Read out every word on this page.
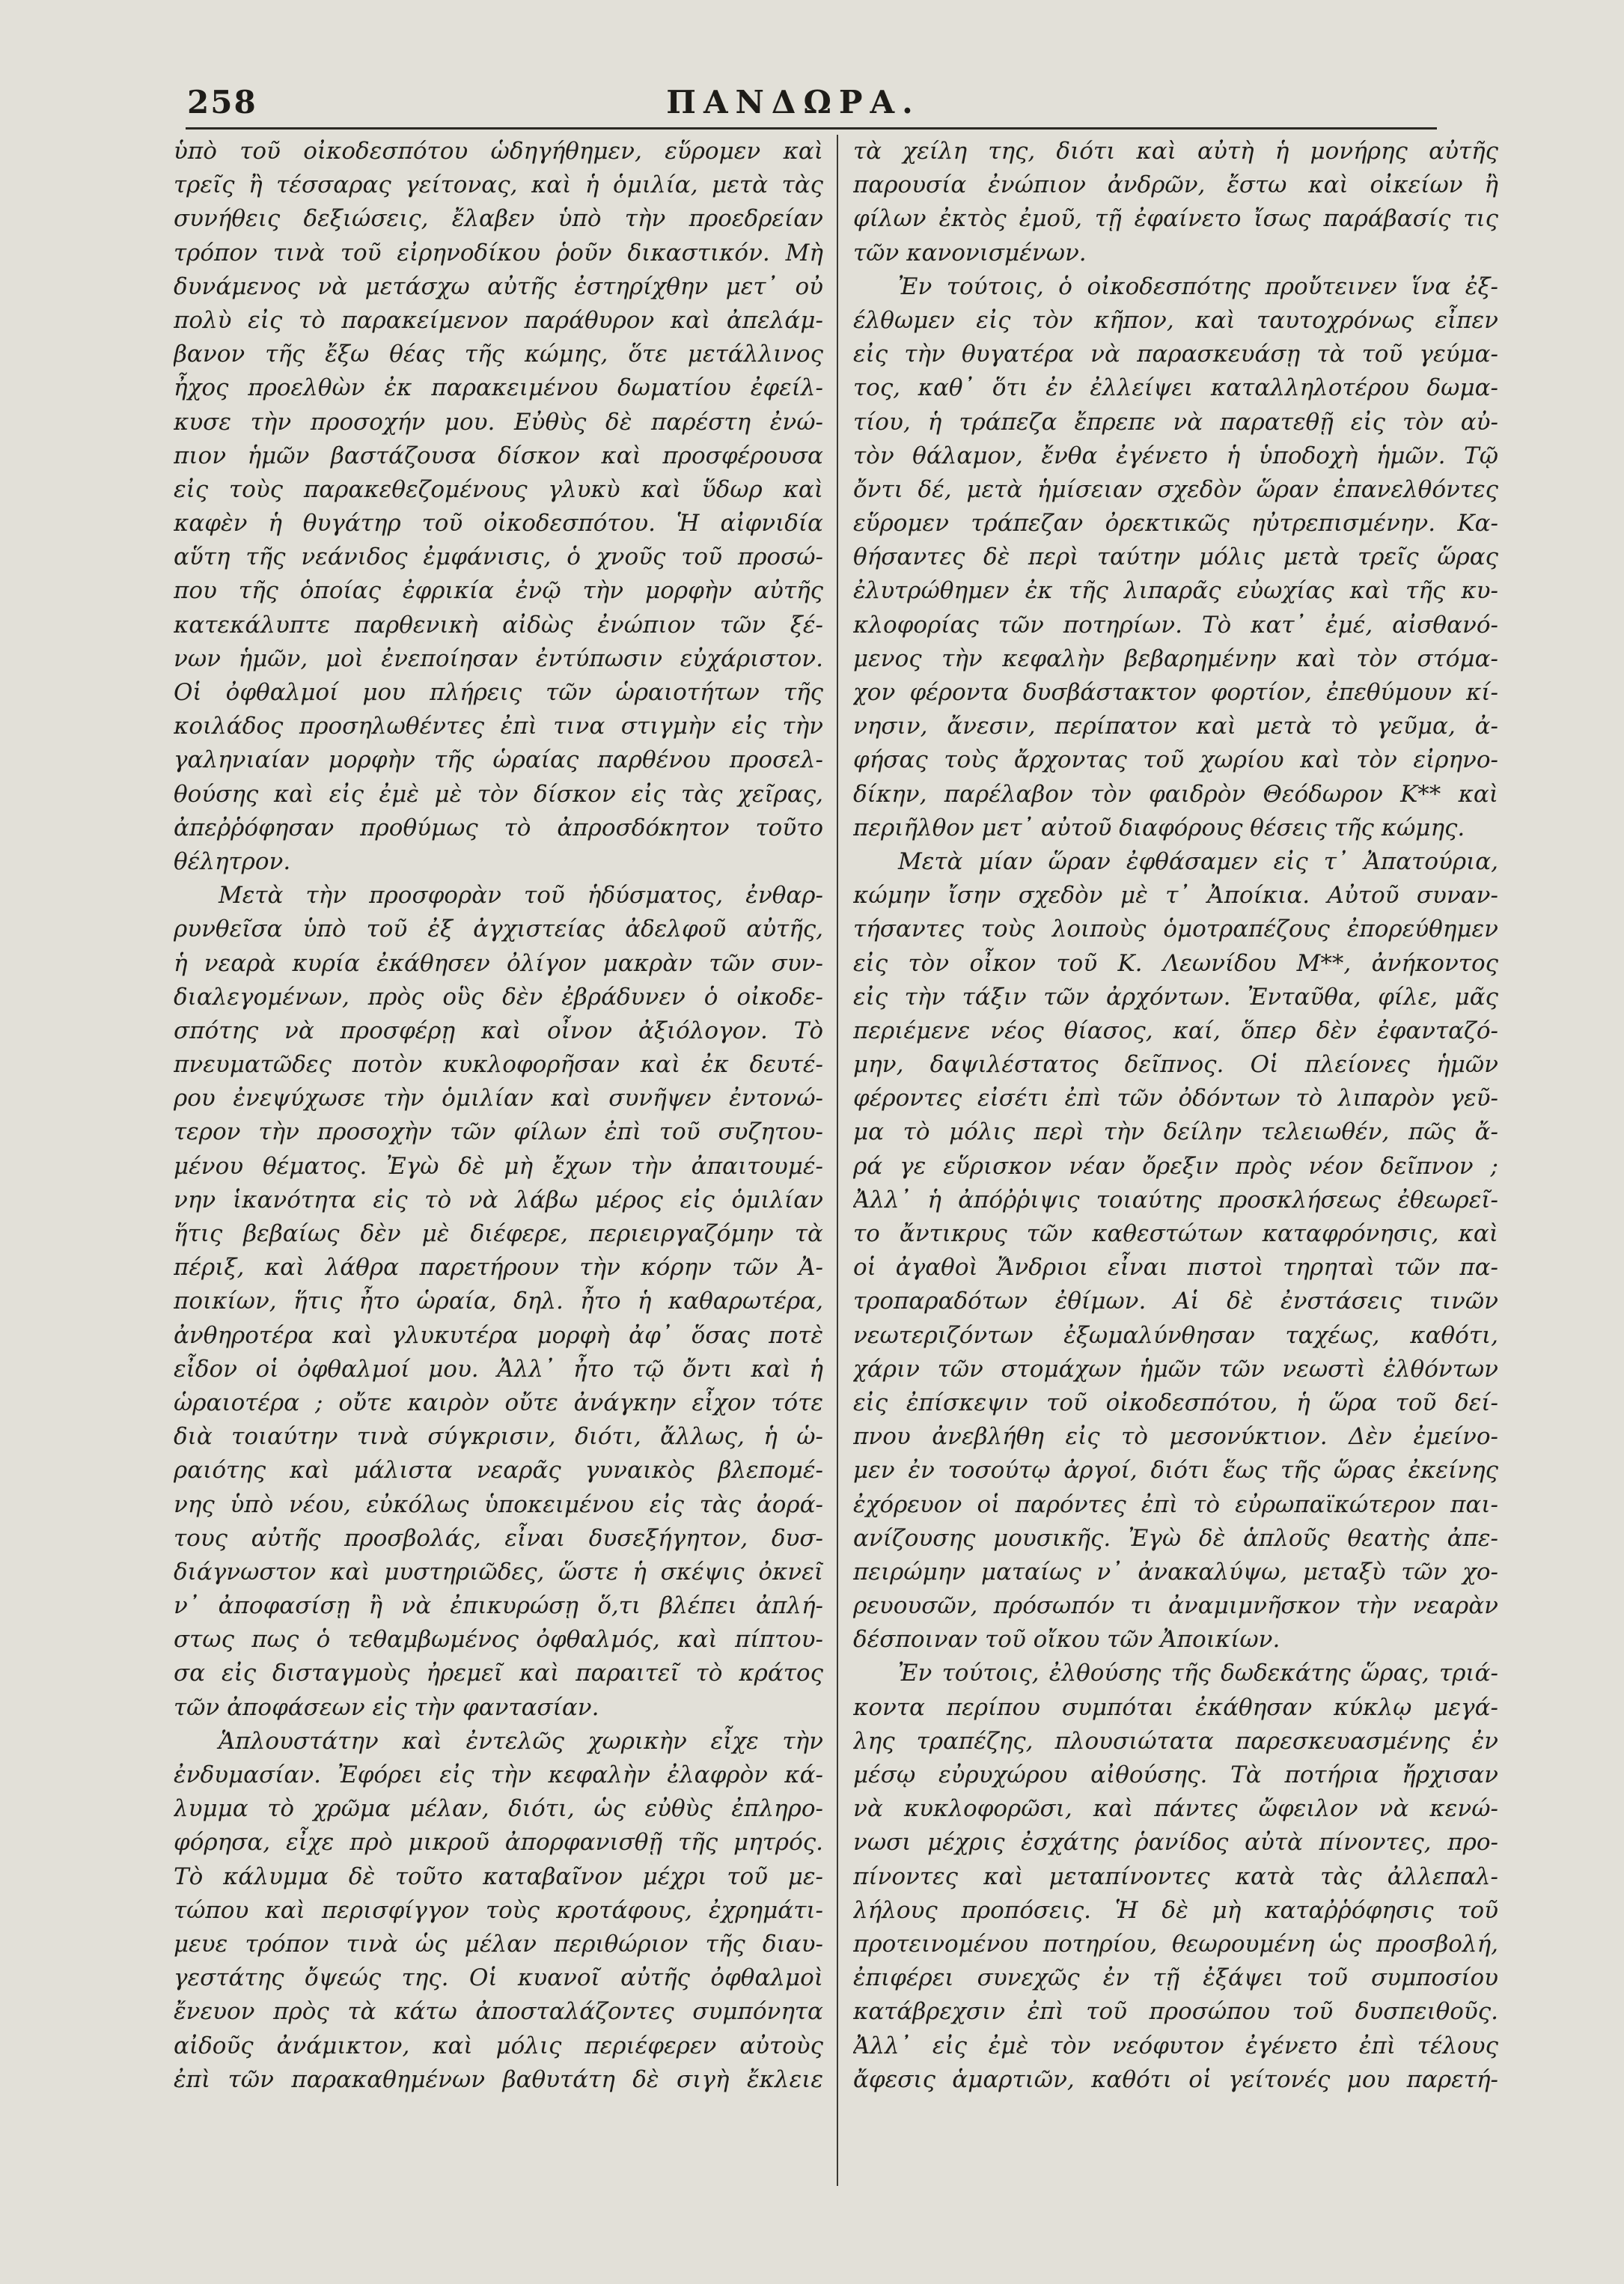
258	ΠΑΝΔΩΡΑ.
ὑπὸ τοῦ οἰκοδεσπότου ὡδηγήθημεν, εὕρομεν καὶ
τρεῖς ἢ τέσσαρας γείτονας, καὶ ἡ ὁμιλία, μετὰ τὰς
συνήθεις δεξιώσεις, ἔλαβεν ὑπὸ τὴν προεδρείαν
τρόπον τινὰ τοῦ εἰρηνοδίκου ῥοῦν δικαστικόν. Μὴ
δυνάμενος νὰ μετάσχω αὐτῆς ἐστηρίχθην μετ᾽ οὐ
πολὺ εἰς τὸ παρακείμενον παράθυρον καὶ ἀπελάμ-
βανον τῆς ἔξω θέας τῆς κώμης, ὅτε μετάλλινος
ἦχος προελθὼν ἐκ παρακειμένου δωματίου ἐφείλ-
κυσε τὴν προσοχήν μου. Εὐθὺς δὲ παρέστη ἐνώ-
πιον ἡμῶν βαστάζουσα δίσκον καὶ προσφέρουσα
εἰς τοὺς παρακεθεζομένους γλυκὺ καὶ ὕδωρ καὶ
καφὲν ἡ θυγάτηρ τοῦ οἰκοδεσπότου. Ἡ αἰφνιδία
αὕτη τῆς νεάνιδος ἐμφάνισις, ὁ χνοῦς τοῦ προσώ-
που τῆς ὁποίας ἐφρικία ἐνῷ τὴν μορφὴν αὐτῆς
κατεκάλυπτε παρθενικὴ αἰδὼς ἐνώπιον τῶν ξέ-
νων ἡμῶν, μοὶ ἐνεποίησαν ἐντύπωσιν εὐχάριστον.
Οἱ ὀφθαλμοί μου πλήρεις τῶν ὡραιοτήτων τῆς
κοιλάδος προσηλωθέντες ἐπὶ τινα στιγμὴν εἰς τὴν
γαληνιαίαν μορφὴν τῆς ὡραίας παρθένου προσελ-
θούσης καὶ εἰς ἐμὲ μὲ τὸν δίσκον εἰς τὰς χεῖρας,
ἀπεῤῥόφησαν προθύμως τὸ ἀπροσδόκητον τοῦτο
θέλητρον.
Μετὰ τὴν προσφορὰν τοῦ ἡδύσματος, ἐνθαρ-
ρυνθεῖσα ὑπὸ τοῦ ἐξ ἀγχιστείας ἀδελφοῦ αὐτῆς,
ἡ νεαρὰ κυρία ἐκάθησεν ὀλίγον μακρὰν τῶν συν-
διαλεγομένων, πρὸς οὓς δὲν ἐβράδυνεν ὁ οἰκοδε-
σπότης νὰ προσφέρῃ καὶ οἶνον ἀξιόλογον. Τὸ
πνευματῶδες ποτὸν κυκλοφορῆσαν καὶ ἐκ δευτέ-
ρου ἐνεψύχωσε τὴν ὁμιλίαν καὶ συνῆψεν ἐντονώ-
τερον τὴν προσοχὴν τῶν φίλων ἐπὶ τοῦ συζητου-
μένου θέματος. Ἐγὼ δὲ μὴ ἔχων τὴν ἀπαιτουμέ-
νην ἱκανότητα εἰς τὸ νὰ λάβω μέρος εἰς ὁμιλίαν
ἥτις βεβαίως δὲν μὲ διέφερε, περιειργαζόμην τὰ
πέριξ, καὶ λάθρα παρετήρουν τὴν κόρην τῶν Ἀ-
ποικίων, ἥτις ἦτο ὡραία, δηλ. ἦτο ἡ καθαρωτέρα,
ἀνθηροτέρα καὶ γλυκυτέρα μορφὴ ἀφ᾽ ὅσας ποτὲ
εἶδον οἱ ὀφθαλμοί μου. Ἀλλ᾽ ἦτο τῷ ὄντι καὶ ἡ
ὡραιοτέρα ; οὔτε καιρὸν οὔτε ἀνάγκην εἶχον τότε
διὰ τοιαύτην τινὰ σύγκρισιν, διότι, ἄλλως, ἡ ὡ-
ραιότης καὶ μάλιστα νεαρᾶς γυναικὸς βλεπομέ-
νης ὑπὸ νέου, εὐκόλως ὑποκειμένου εἰς τὰς ἀορά-
τους αὐτῆς προσβολάς, εἶναι δυσεξήγητον, δυσ-
διάγνωστον καὶ μυστηριῶδες, ὥστε ἡ σκέψις ὀκνεῖ
ν᾽ ἀποφασίσῃ ἢ νὰ ἐπικυρώσῃ ὅ,τι βλέπει ἀπλή-
στως πως ὁ τεθαμβωμένος ὀφθαλμός, καὶ πίπτου-
σα εἰς δισταγμοὺς ἠρεμεῖ καὶ παραιτεῖ τὸ κράτος
τῶν ἀποφάσεων εἰς τὴν φαντασίαν.
Ἁπλουστάτην καὶ ἐντελῶς χωρικὴν εἶχε τὴν
ἐνδυμασίαν. Ἐφόρει εἰς τὴν κεφαλὴν ἐλαφρὸν κά-
λυμμα τὸ χρῶμα μέλαν, διότι, ὡς εὐθὺς ἐπληρο-
φόρησα, εἶχε πρὸ μικροῦ ἀπορφανισθῇ τῆς μητρός.
Τὸ κάλυμμα δὲ τοῦτο καταβαῖνον μέχρι τοῦ με-
τώπου καὶ περισφίγγον τοὺς κροτάφους, ἐχρημάτι-
μευε τρόπον τινὰ ὡς μέλαν περιθώριον τῆς διαυ-
γεστάτης ὄψεώς της. Οἱ κυανοῖ αὐτῆς ὀφθαλμοὶ
ἔνευον πρὸς τὰ κάτω ἀποσταλάζοντες συμπόνητα
αἰδοῦς ἀνάμικτον, καὶ μόλις περιέφερεν αὐτοὺς
ἐπὶ τῶν παρακαθημένων βαθυτάτη δὲ σιγὴ ἔκλειε
τὰ χείλη της, διότι καὶ αὐτὴ ἡ μονήρης αὐτῆς
παρουσία ἐνώπιον ἀνδρῶν, ἔστω καὶ οἰκείων ἢ
φίλων ἐκτὸς ἐμοῦ, τῇ ἐφαίνετο ἴσως παράβασίς τις
τῶν κανονισμένων.
Ἐν τούτοις, ὁ οἰκοδεσπότης προὔτεινεν ἵνα ἐξ-
έλθωμεν εἰς τὸν κῆπον, καὶ ταυτοχρόνως εἶπεν
εἰς τὴν θυγατέρα νὰ παρασκευάσῃ τὰ τοῦ γεύμα-
τος, καθ᾽ ὅτι ἐν ἐλλείψει καταλληλοτέρου δωμα-
τίου, ἡ τράπεζα ἔπρεπε νὰ παρατεθῇ εἰς τὸν αὐ-
τὸν θάλαμον, ἔνθα ἐγένετο ἡ ὑποδοχὴ ἡμῶν. Τῷ
ὄντι δέ, μετὰ ἡμίσειαν σχεδὸν ὥραν ἐπανελθόντες
εὕρομεν τράπεζαν ὀρεκτικῶς ηὐτρεπισμένην. Κα-
θήσαντες δὲ περὶ ταύτην μόλις μετὰ τρεῖς ὥρας
ἐλυτρώθημεν ἐκ τῆς λιπαρᾶς εὐωχίας καὶ τῆς κυ-
κλοφορίας τῶν ποτηρίων. Τὸ κατ᾽ ἐμέ, αἰσθανό-
μενος τὴν κεφαλὴν βεβαρημένην καὶ τὸν στόμα-
χον φέροντα δυσβάστακτον φορτίον, ἐπεθύμουν κί-
νησιν, ἄνεσιν, περίπατον καὶ μετὰ τὸ γεῦμα, ἀ-
φήσας τοὺς ἄρχοντας τοῦ χωρίου καὶ τὸν εἰρηνο-
δίκην, παρέλαβον τὸν φαιδρὸν Θεόδωρον Κ** καὶ
περιῆλθον μετ᾽ αὐτοῦ διαφόρους θέσεις τῆς κώμης.
Μετὰ μίαν ὥραν ἐφθάσαμεν εἰς τ᾽ Ἀπατούρια,
κώμην ἴσην σχεδὸν μὲ τ᾽ Ἀποίκια. Αὐτοῦ συναν-
τήσαντες τοὺς λοιποὺς ὁμοτραπέζους ἐπορεύθημεν
εἰς τὸν οἶκον τοῦ Κ. Λεωνίδου Μ**, ἀνήκοντος
εἰς τὴν τάξιν τῶν ἀρχόντων. Ἐνταῦθα, φίλε, μᾶς
περιέμενε νέος θίασος, καί, ὅπερ δὲν ἐφανταζό-
μην, δαψιλέστατος δεῖπνος. Οἱ πλείονες ἡμῶν
φέροντες εἰσέτι ἐπὶ τῶν ὀδόντων τὸ λιπαρὸν γεῦ-
μα τὸ μόλις περὶ τὴν δείλην τελειωθέν, πῶς ἄ-
ρά γε εὕρισκον νέαν ὄρεξιν πρὸς νέον δεῖπνον ;
Ἀλλ᾽ ἡ ἀπόῤῥιψις τοιαύτης προσκλήσεως ἐθεωρεῖ-
το ἄντικρυς τῶν καθεστώτων καταφρόνησις, καὶ
οἱ ἀγαθοὶ Ἄνδριοι εἶναι πιστοὶ τηρηταὶ τῶν πα-
τροπαραδότων ἐθίμων. Αἱ δὲ ἐνστάσεις τινῶν
νεωτεριζόντων ἐξωμαλύνθησαν ταχέως, καθότι,
χάριν τῶν στομάχων ἡμῶν τῶν νεωστὶ ἐλθόντων
εἰς ἐπίσκεψιν τοῦ οἰκοδεσπότου, ἡ ὥρα τοῦ δεί-
πνου ἀνεβλήθη εἰς τὸ μεσονύκτιον. Δὲν ἐμείνο-
μεν ἐν τοσούτῳ ἀργοί, διότι ἕως τῆς ὥρας ἐκείνης
ἐχόρευον οἱ παρόντες ἐπὶ τὸ εὐρωπαϊκώτερον παι-
ανίζουσης μουσικῆς. Ἐγὼ δὲ ἁπλοῦς θεατὴς ἀπε-
πειρώμην ματαίως ν᾽ ἀνακαλύψω, μεταξὺ τῶν χο-
ρευουσῶν, πρόσωπόν τι ἀναμιμνῆσκον τὴν νεαρὰν
δέσποιναν τοῦ οἴκου τῶν Ἀποικίων.
Ἐν τούτοις, ἐλθούσης τῆς δωδεκάτης ὥρας, τριά-
κοντα περίπου συμπόται ἐκάθησαν κύκλῳ μεγά-
λης τραπέζης, πλουσιώτατα παρεσκευασμένης ἐν
μέσῳ εὐρυχώρου αἰθούσης. Τὰ ποτήρια ἤρχισαν
νὰ κυκλοφορῶσι, καὶ πάντες ὤφειλον νὰ κενώ-
νωσι μέχρις ἐσχάτης ῥανίδος αὐτὰ πίνοντες, προ-
πίνοντες καὶ μεταπίνοντες κατὰ τὰς ἀλλεπαλ-
λήλους προπόσεις. Ἡ δὲ μὴ καταῤῥόφησις τοῦ
προτεινομένου ποτηρίου, θεωρουμένη ὡς προσβολή,
ἐπιφέρει συνεχῶς ἐν τῇ ἐξάψει τοῦ συμποσίου
κατάβρεχσιν ἐπὶ τοῦ προσώπου τοῦ δυσπειθοῦς.
Ἀλλ᾽ εἰς ἐμὲ τὸν νεόφυτον ἐγένετο ἐπὶ τέλους
ἄφεσις ἁμαρτιῶν, καθότι οἱ γείτονές μου παρετή-
